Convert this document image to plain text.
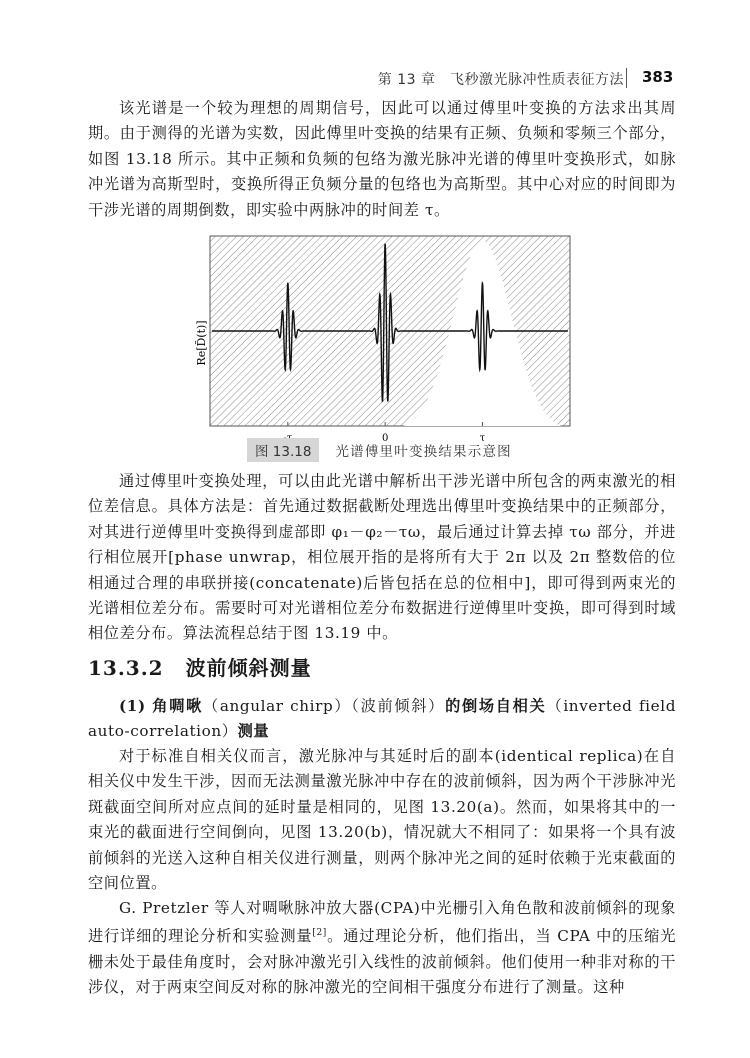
第 13 章　飞秒激光脉冲性质表征方法 383
该光谱是一个较为理想的周期信号，因此可以通过傅里叶变换的方法求出其周期。由于测得的光谱为实数，因此傅里叶变换的结果有正频、负频和零频三个部分，如图 13.18 所示。其中正频和负频的包络为激光脉冲光谱的傅里叶变换形式，如脉冲光谱为高斯型时，变换所得正负频分量的包络也为高斯型。其中心对应的时间即为干涉光谱的周期倒数，即实验中两脉冲的时间差 τ。
Re[D̃(t)]
0	τ
图 13.18 光谱傅里叶变换结果示意图
通过傅里叶变换处理，可以由此光谱中解析出干涉光谱中所包含的两束激光的相位差信息。具体方法是：首先通过数据截断处理选出傅里叶变换结果中的正频部分，对其进行逆傅里叶变换得到虚部即 φ₁－φ₂－τω，最后通过计算去掉 τω 部分，并进行相位展开[phase unwrap，相位展开指的是将所有大于 2π 以及 2π 整数倍的位相通过合理的串联拼接(concatenate)后皆包括在总的位相中]，即可得到两束光的光谱相位差分布。需要时可对光谱相位差分布数据进行逆傅里叶变换，即可得到时域相位差分布。算法流程总结于图 13.19 中。
13.3.2 波前倾斜测量
(1) 角啁啾（angular chirp）（波前倾斜）的倒场自相关（inverted field auto-correlation）测量
对于标准自相关仪而言，激光脉冲与其延时后的副本(identical replica)在自相关仪中发生干涉，因而无法测量激光脉冲中存在的波前倾斜，因为两个干涉脉冲光斑截面空间所对应点间的延时量是相同的，见图 13.20(a)。然而，如果将其中的一束光的截面进行空间倒向，见图 13.20(b)，情况就大不相同了：如果将一个具有波前倾斜的光送入这种自相关仪进行测量，则两个脉冲光之间的延时依赖于光束截面的空间位置。
G. Pretzler 等人对啁啾脉冲放大器(CPA)中光栅引入角色散和波前倾斜的现象进行详细的理论分析和实验测量[2]。通过理论分析，他们指出，当 CPA 中的压缩光栅未处于最佳角度时，会对脉冲激光引入线性的波前倾斜。他们使用一种非对称的干涉仪，对于两束空间反对称的脉冲激光的空间相干强度分布进行了测量。这种
